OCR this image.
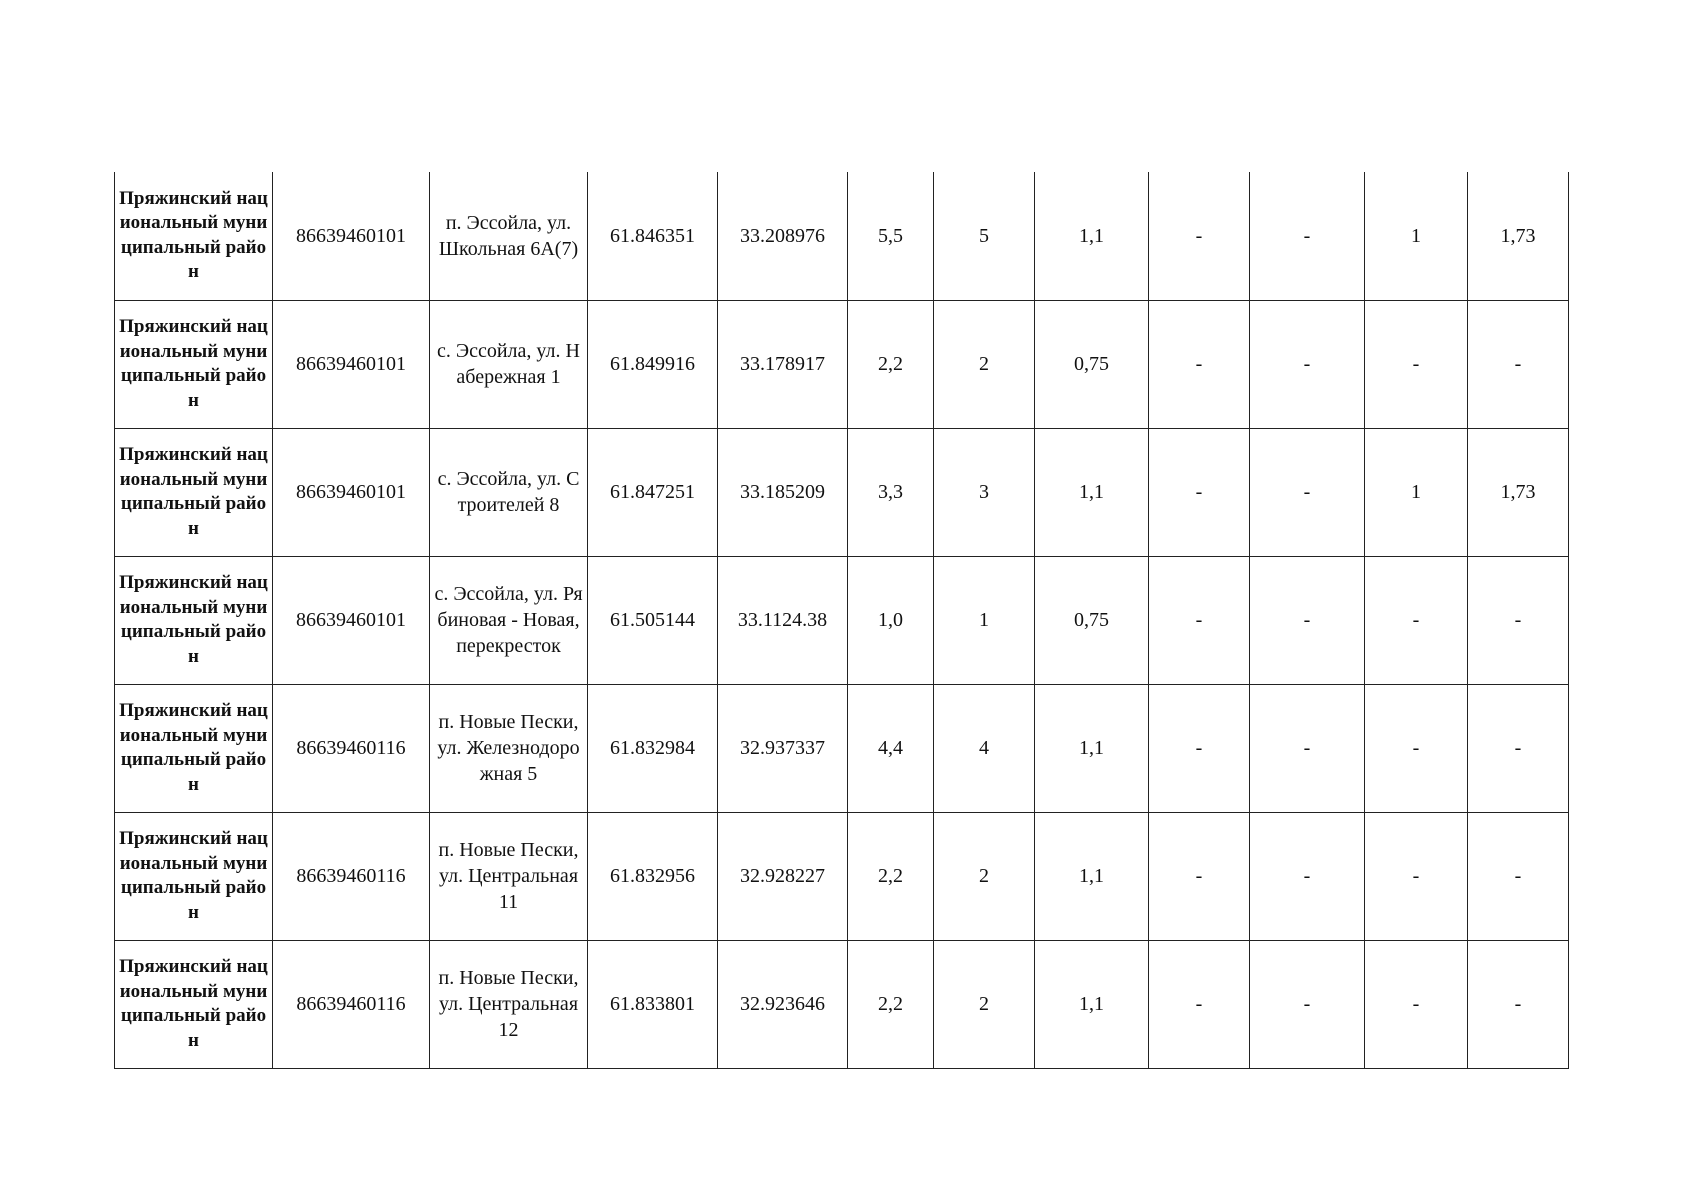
Пряжинский национальный муниципальный район	86639460101	п. Эссойла, ул. Школьная 6А(7)	61.846351	33.208976	5,5	5	1,1	-	-	1	1,73
Пряжинский национальный муниципальный район	86639460101	с. Эссойла, ул. Набережная 1	61.849916	33.178917	2,2	2	0,75	-	-	-	-
Пряжинский национальный муниципальный район	86639460101	с. Эссойла, ул. Строителей 8	61.847251	33.185209	3,3	3	1,1	-	-	1	1,73
Пряжинский национальный муниципальный район	86639460101	с. Эссойла, ул. Рябиновая - Новая, перекресток	61.505144	33.1124.38	1,0	1	0,75	-	-	-	-
Пряжинский национальный муниципальный район	86639460116	п. Новые Пески, ул. Железнодорожная 5	61.832984	32.937337	4,4	4	1,1	-	-	-	-
Пряжинский национальный муниципальный район	86639460116	п. Новые Пески, ул. Центральная 11	61.832956	32.928227	2,2	2	1,1	-	-	-	-
Пряжинский национальный муниципальный район	86639460116	п. Новые Пески, ул. Центральная 12	61.833801	32.923646	2,2	2	1,1	-	-	-	-
